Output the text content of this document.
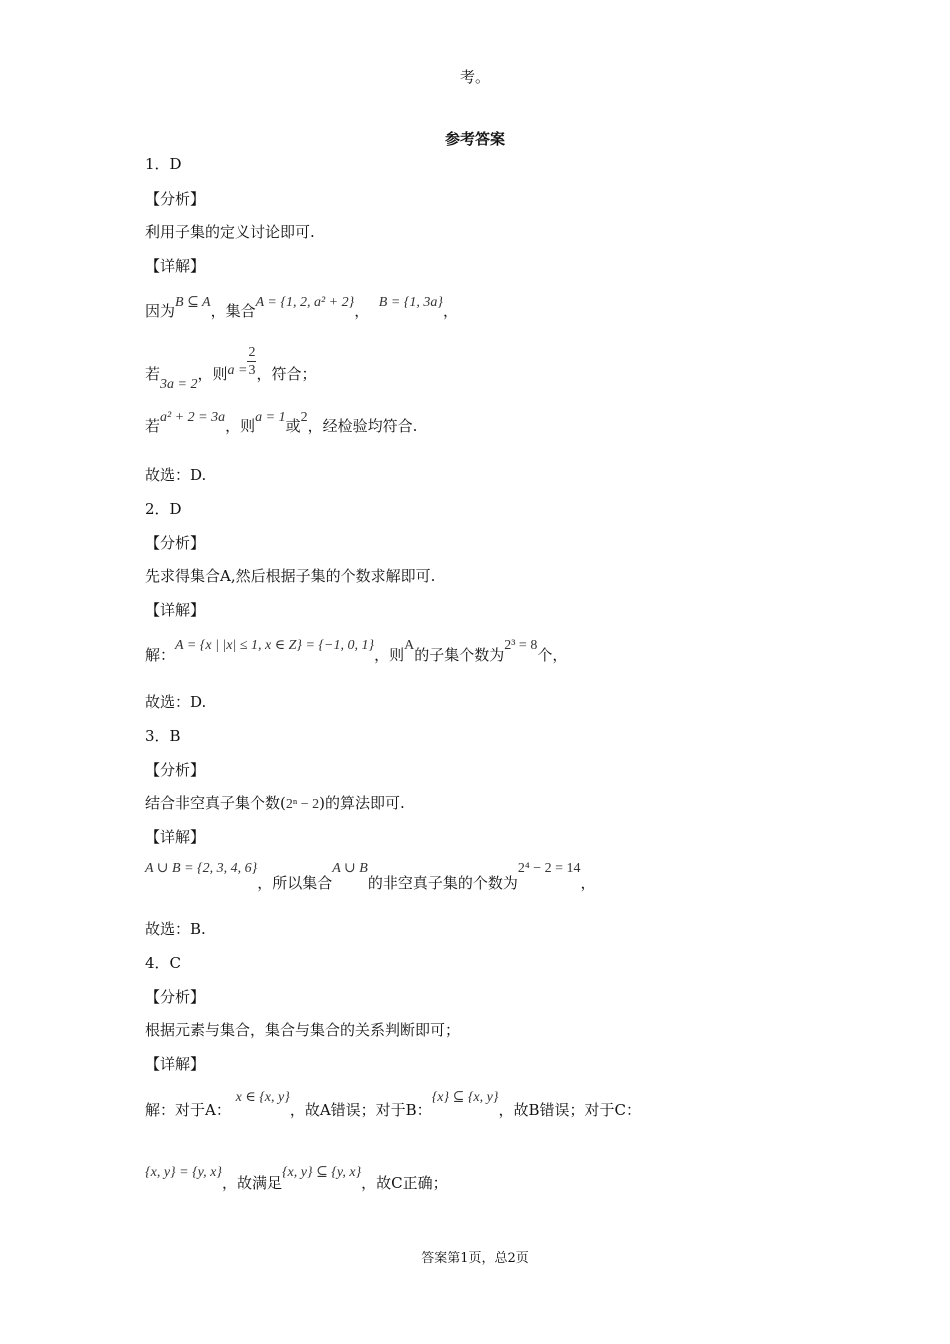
考。
参考答案
1．D
【分析】
利用子集的定义讨论即可.
【详解】
因为B ⊆ A，集合A = {1, 2, a² + 2}， B = {1, 3a}，
若3a = 2，则$a = \frac{2}{3}$ ，符合；
若a² + 2 = 3a，则a = 1或2，经检验均符合.
故选：D.
2．D
【分析】
先求得集合A,然后根据子集的个数求解即可.
【详解】
解：A = {x | |x| ≤ 1, x ∈ Z} = {−1, 0, 1}，则A的子集个数为2³ = 8个，
故选：D.
3．B
【分析】
结合非空真子集个数(2ⁿ − 2)的算法即可.
【详解】
A ∪ B = {2, 3, 4, 6}，所以集合A ∪ B的非空真子集的个数为2⁴ − 2 = 14，
故选：B.
4．C
【分析】
根据元素与集合，集合与集合的关系判断即可；
【详解】
解：对于A： x ∈ {x, y}，故A错误；对于B：{x} ⊆ {x, y}，故B错误；对于C：
{x, y} = {y, x}，故满足{x, y} ⊆ {y, x}，故C正确；
答案第1页，总2页
